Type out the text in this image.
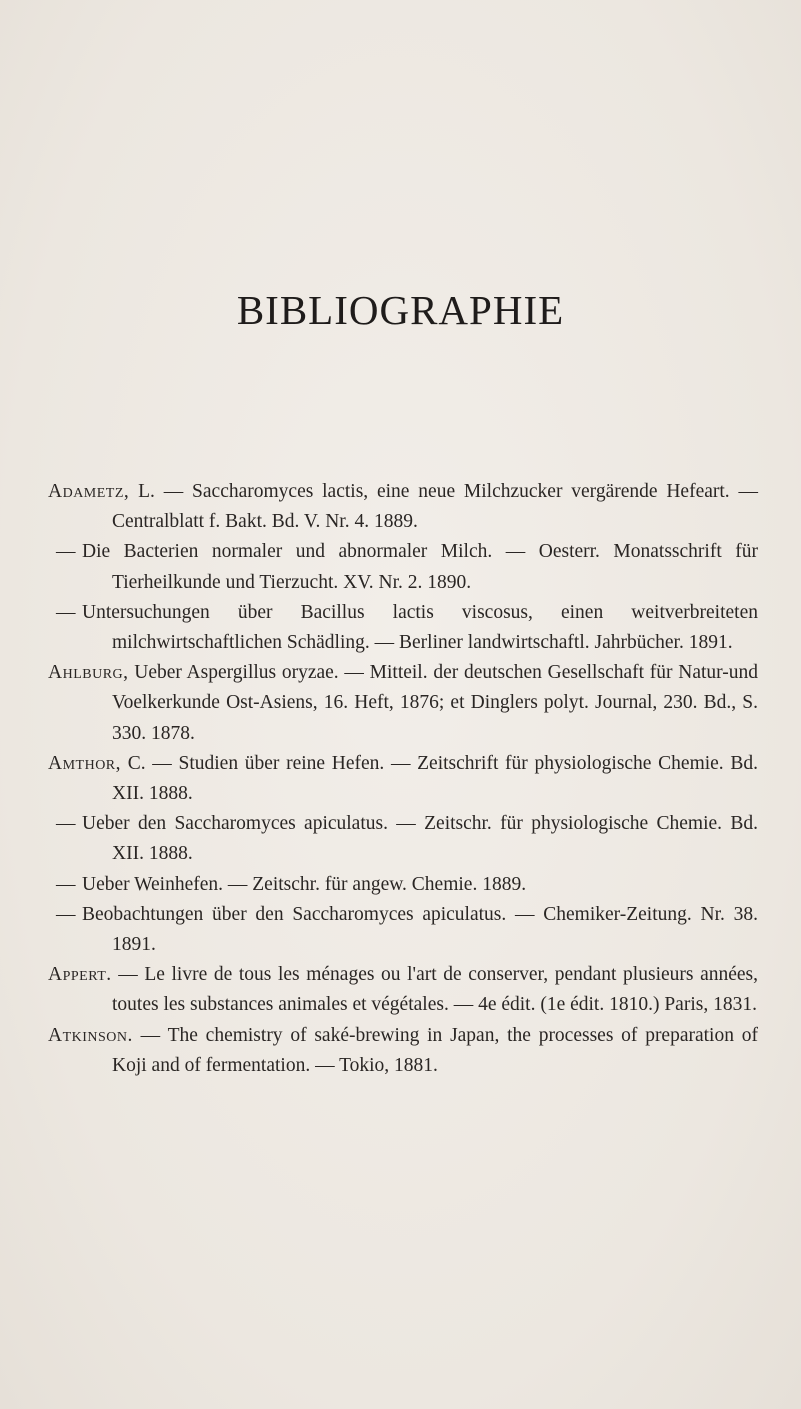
BIBLIOGRAPHIE

Adametz, L. — Saccharomyces lactis, eine neue Milchzucker vergärende Hefeart. — Centralblatt f. Bakt. Bd. V. Nr. 4. 1889.

— Die Bacterien normaler und abnormaler Milch. — Oesterr. Monatsschrift für Tierheilkunde und Tierzucht. XV. Nr. 2. 1890.

— Untersuchungen über Bacillus lactis viscosus, einen weitverbreiteten milchwirtschaftlichen Schädling. — Berliner landwirtschaftl. Jahrbücher. 1891.

Ahlburg, Ueber Aspergillus oryzae. — Mitteil. der deutschen Gesellschaft für Natur-und Voelkerkunde Ost-Asiens, 16. Heft, 1876; et Dinglers polyt. Journal, 230. Bd., S. 330. 1878.

Amthor, C. — Studien über reine Hefen. — Zeitschrift für physiologische Chemie. Bd. XII. 1888.

— Ueber den Saccharomyces apiculatus. — Zeitschr. für physiologische Chemie. Bd. XII. 1888.

— Ueber Weinhefen. — Zeitschr. für angew. Chemie. 1889.

— Beobachtungen über den Saccharomyces apiculatus. — Chemiker-Zeitung. Nr. 38. 1891.

Appert. — Le livre de tous les ménages ou l'art de conserver, pendant plusieurs années, toutes les substances animales et végétales. — 4e édit. (1e édit. 1810.) Paris, 1831.

Atkinson. — The chemistry of saké-brewing in Japan, the processes of preparation of Koji and of fermentation. — Tokio, 1881.
